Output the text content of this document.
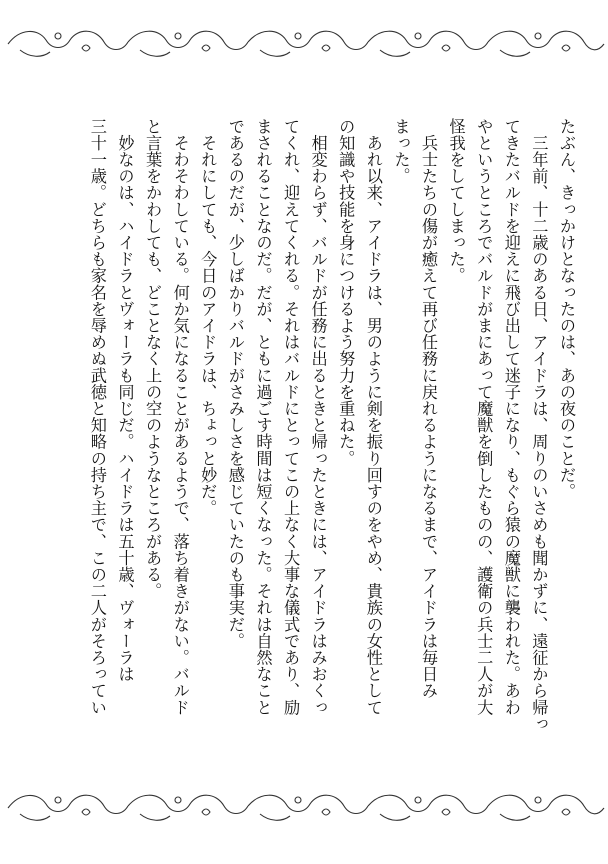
たぶん、きっかけとなったのは、あの夜のことだ。

　三年前、十二歳のある日、アイドラは、周りのいさめも聞かずに、遠征から帰っ

てきたバルドを迎えに飛び出して迷子になり、もぐら猿の魔獣に襲われた。あわ

やというところでバルドがまにあって魔獣を倒したものの、護衛の兵士二人が大

怪我をしてしまった。

　兵士たちの傷が癒えて再び任務に戻れるようになるまで、アイドラは毎日み

まった。

　あれ以来、アイドラは、男のように剣を振り回すのをやめ、貴族の女性として

の知識や技能を身につけるよう努力を重ねた。

　相変わらず、バルドが任務に出るときと帰ったときには、アイドラはみおくっ

てくれ、迎えてくれる。それはバルドにとってこの上なく大事な儀式であり、励

まされることなのだ。だが、ともに過ごす時間は短くなった。それは自然なこと

であるのだが、少しばかりバルドがさみしさを感じていたのも事実だ。

　それにしても、今日のアイドラは、ちょっと妙だ。

　そわそわしている。何か気になることがあるようで、落ち着きがない。バルド

と言葉をかわしても、どことなく上の空のようなところがある。

　妙なのは、ハイドラとヴォーラも同じだ。ハイドラは五十歳、ヴォーラは

三十一歳。どちらも家名を辱めぬ武徳と知略の持ち主で、この二人がそろってい
